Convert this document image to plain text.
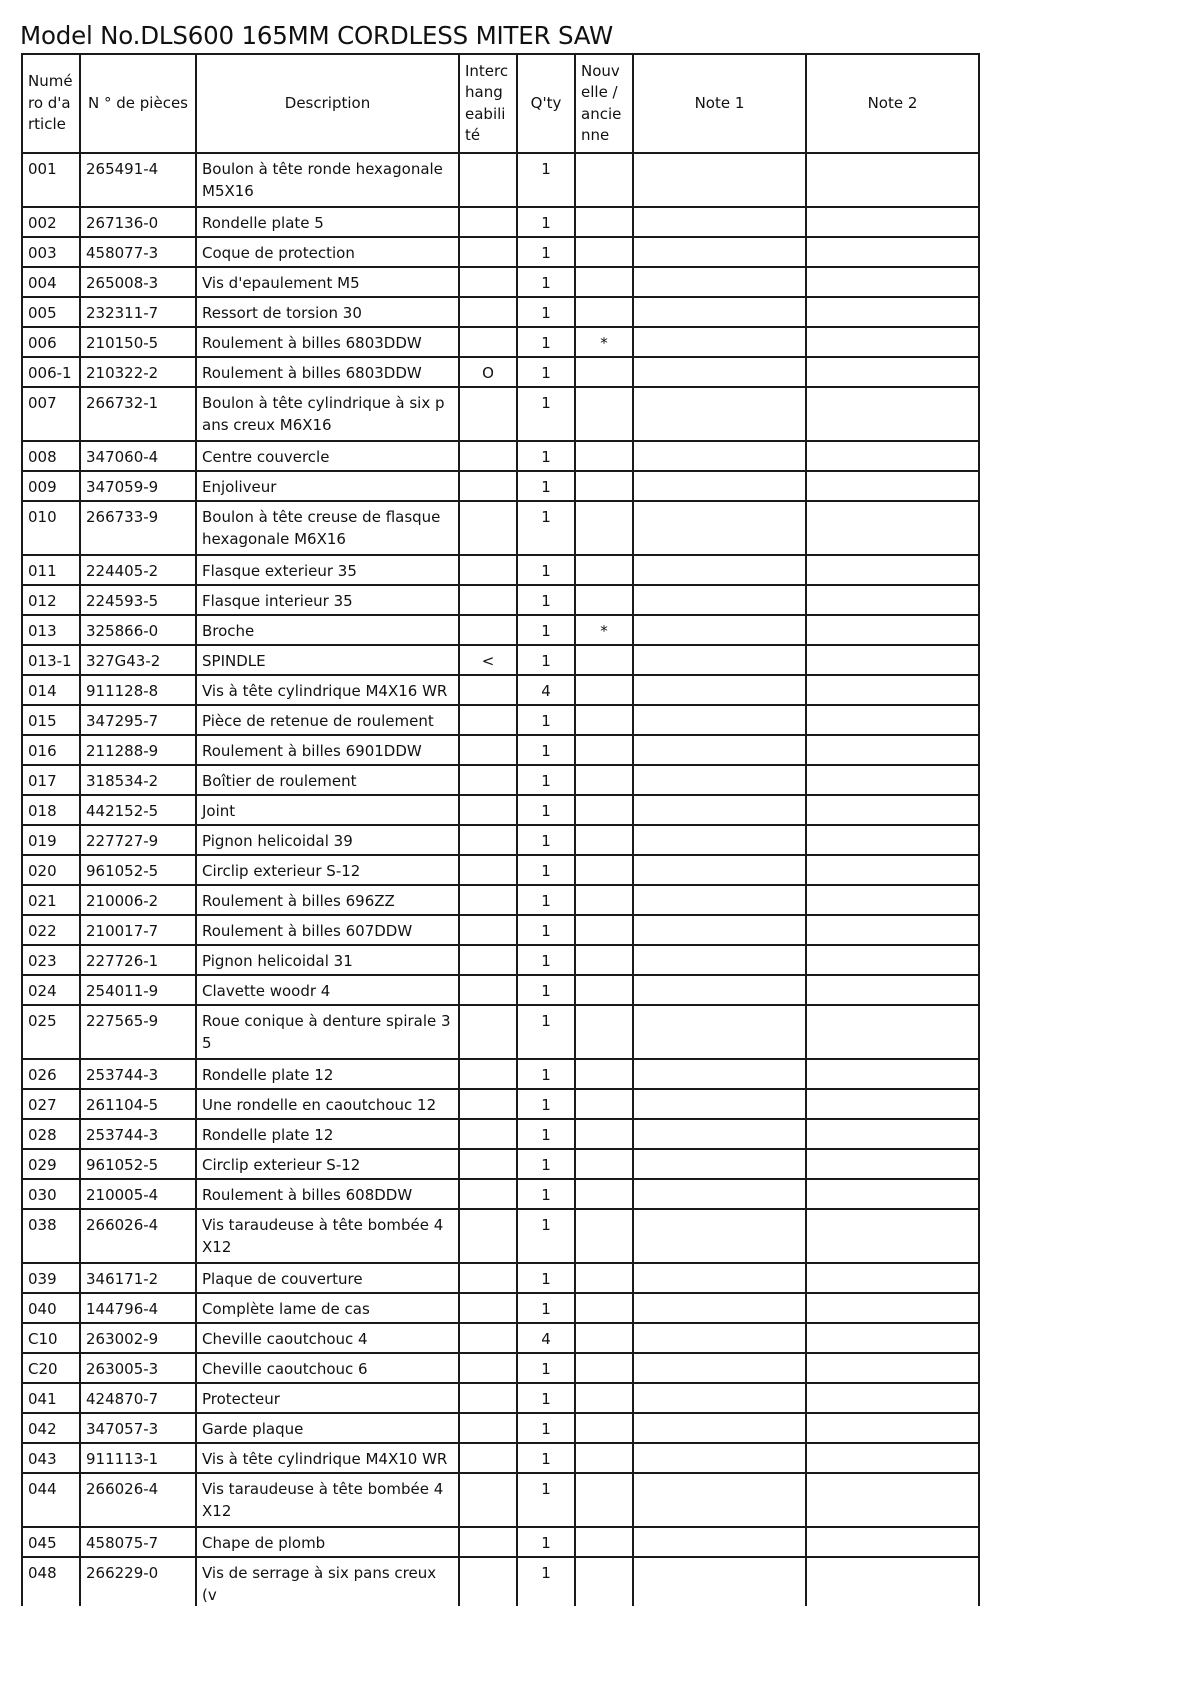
Model No.DLS600 165MM CORDLESS MITER SAW
Numéro d'article	N ° de pièces	Description	Interchangeabilité	Q'ty	Nouvelle / ancienne	Note 1	Note 2
001	265491-4	Boulon à tête ronde hexagonale M5X16		1			
002	267136-0	Rondelle plate 5		1			
003	458077-3	Coque de protection		1			
004	265008-3	Vis d'epaulement M5		1			
005	232311-7	Ressort de torsion 30		1			
006	210150-5	Roulement à billes 6803DDW		1	*		
006-1	210322-2	Roulement à billes 6803DDW	O	1			
007	266732-1	Boulon à tête cylindrique à six pans creux M6X16		1			
008	347060-4	Centre couvercle		1			
009	347059-9	Enjoliveur		1			
010	266733-9	Boulon à tête creuse de flasque hexagonale M6X16		1			
011	224405-2	Flasque exterieur 35		1			
012	224593-5	Flasque interieur 35		1			
013	325866-0	Broche		1	*		
013-1	327G43-2	SPINDLE	<	1			
014	911128-8	Vis à tête cylindrique M4X16 WR		4			
015	347295-7	Pièce de retenue de roulement		1			
016	211288-9	Roulement à billes 6901DDW		1			
017	318534-2	Boîtier de roulement		1			
018	442152-5	Joint		1			
019	227727-9	Pignon helicoidal 39		1			
020	961052-5	Circlip exterieur S-12		1			
021	210006-2	Roulement à billes 696ZZ		1			
022	210017-7	Roulement à billes 607DDW		1			
023	227726-1	Pignon helicoidal 31		1			
024	254011-9	Clavette woodr 4		1			
025	227565-9	Roue conique à denture spirale 35		1			
026	253744-3	Rondelle plate 12		1			
027	261104-5	Une rondelle en caoutchouc 12		1			
028	253744-3	Rondelle plate 12		1			
029	961052-5	Circlip exterieur S-12		1			
030	210005-4	Roulement à billes 608DDW		1			
038	266026-4	Vis taraudeuse à tête bombée 4X12		1			
039	346171-2	Plaque de couverture		1			
040	144796-4	Complète lame de cas		1			
C10	263002-9	Cheville caoutchouc 4		4			
C20	263005-3	Cheville caoutchouc 6		1			
041	424870-7	Protecteur		1			
042	347057-3	Garde plaque		1			
043	911113-1	Vis à tête cylindrique M4X10 WR		1			
044	266026-4	Vis taraudeuse à tête bombée 4X12		1			
045	458075-7	Chape de plomb		1			
048	266229-0	Vis de serrage à six pans creux (v		1			
